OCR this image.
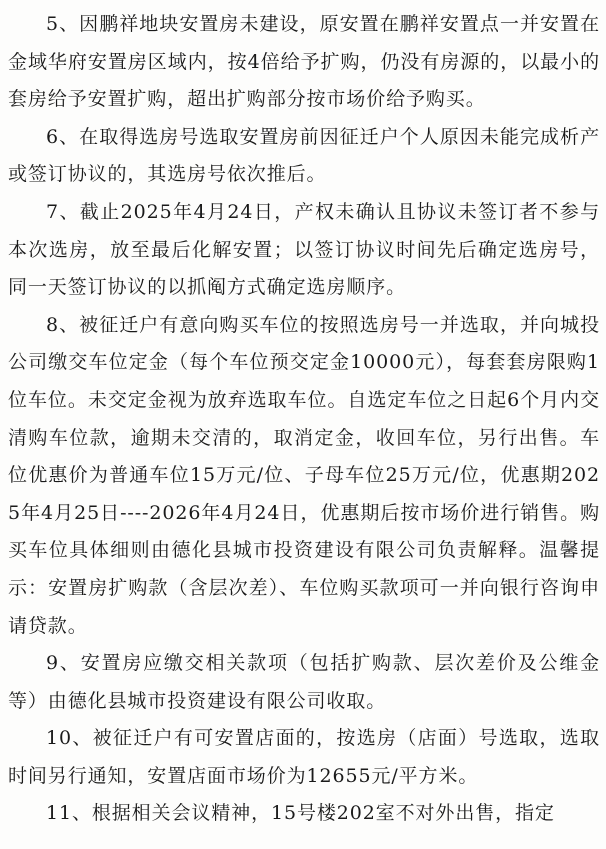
5、因鹏祥地块安置房未建设，原安置在鹏祥安置点一并安置在金域华府安置房区域内，按4倍给予扩购，仍没有房源的，以最小的套房给予安置扩购，超出扩购部分按市场价给予购买。

6、在取得选房号选取安置房前因征迁户个人原因未能完成析产或签订协议的，其选房号依次推后。

7、截止2025年4月24日，产权未确认且协议未签订者不参与本次选房，放至最后化解安置；以签订协议时间先后确定选房号，同一天签订协议的以抓阄方式确定选房顺序。

8、被征迁户有意向购买车位的按照选房号一并选取，并向城投公司缴交车位定金（每个车位预交定金10000元），每套套房限购1位车位。未交定金视为放弃选取车位。自选定车位之日起6个月内交清购车位款，逾期未交清的，取消定金，收回车位，另行出售。车位优惠价为普通车位15万元/位、子母车位25万元/位，优惠期2025年4月25日----2026年4月24日，优惠期后按市场价进行销售。购买车位具体细则由德化县城市投资建设有限公司负责解释。温馨提示：安置房扩购款（含层次差）、车位购买款项可一并向银行咨询申请贷款。

9、安置房应缴交相关款项（包括扩购款、层次差价及公维金等）由德化县城市投资建设有限公司收取。

10、被征迁户有可安置店面的，按选房（店面）号选取，选取时间另行通知，安置店面市场价为12655元/平方米。

11、根据相关会议精神，15号楼202室不对外出售，指定
